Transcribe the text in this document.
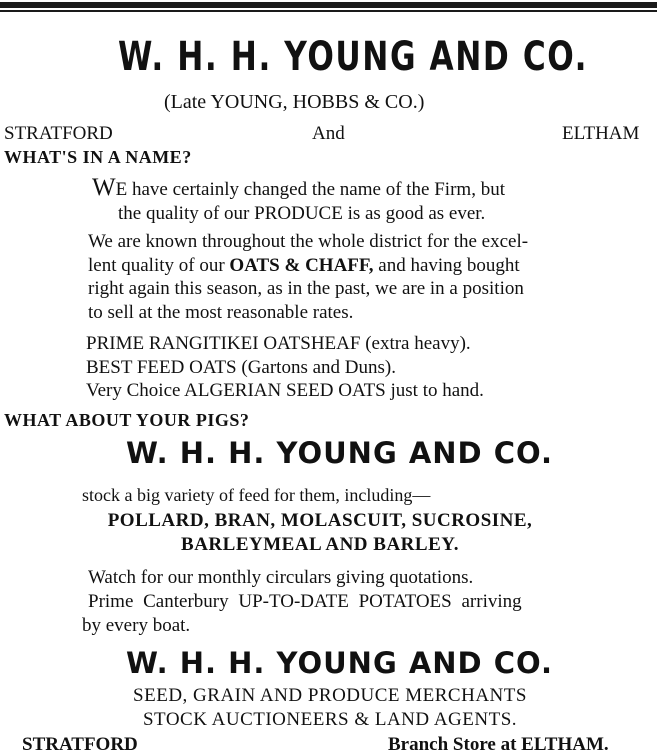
W. H. H. YOUNG AND CO.
(Late YOUNG, HOBBS & CO.)
STRATFORD	And	ELTHAM
WHAT'S IN A NAME?
WE have certainly changed the name of the Firm, but
the quality of our PRODUCE is as good as ever.
We are known throughout the whole district for the excel-
lent quality of our OATS & CHAFF, and having bought
right again this season, as in the past, we are in a position
to sell at the most reasonable rates.
PRIME RANGITIKEI OATSHEAF (extra heavy).
BEST FEED OATS (Gartons and Duns).
Very Choice ALGERIAN SEED OATS just to hand.
WHAT ABOUT YOUR PIGS?
W. H. H. YOUNG AND CO.
stock a big variety of feed for them, including—
POLLARD, BRAN, MOLASCUIT, SUCROSINE,
BARLEYMEAL AND BARLEY.
Watch for our monthly circulars giving quotations.
Prime Canterbury UP-TO-DATE POTATOES arriving
by every boat.
W. H. H. YOUNG AND CO.
SEED, GRAIN AND PRODUCE MERCHANTS
STOCK AUCTIONEERS & LAND AGENTS.
STRATFORD	Branch Store at ELTHAM.
